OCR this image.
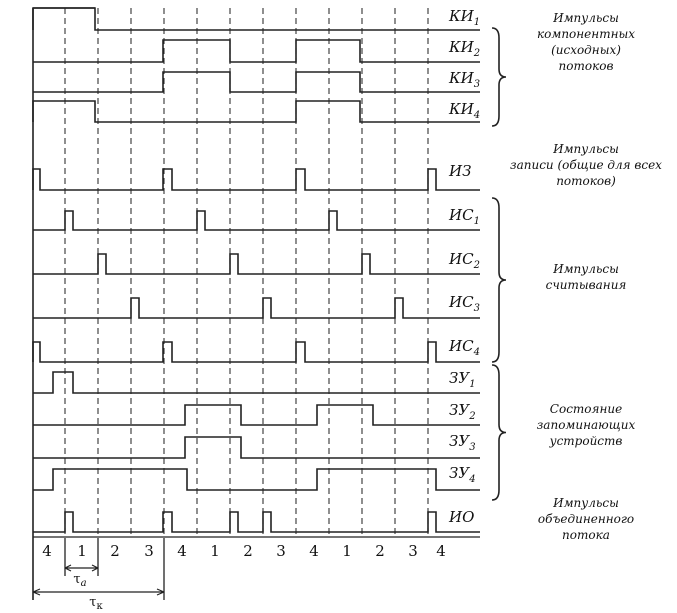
$КИ_1$
$КИ_2$
$КИ_3$
$КИ_4$
ИЗ
$ИС_1$
$ИС_2$
$ИС_3$
$ИС_4$
$ЗУ_1$
$ЗУ_2$
$ЗУ_3$
$ЗУ_4$
ИО
Импульсы компонентных (исходных) потоков
Импульсы записи (общие для всех потоков)
Импульсы считывания
Состояние запоминающих устройств
Импульсы объединенного потока
4 1 2 3 4 1 2 3 4 1 2 3 4
$\tau_а$
$\tau_к$
